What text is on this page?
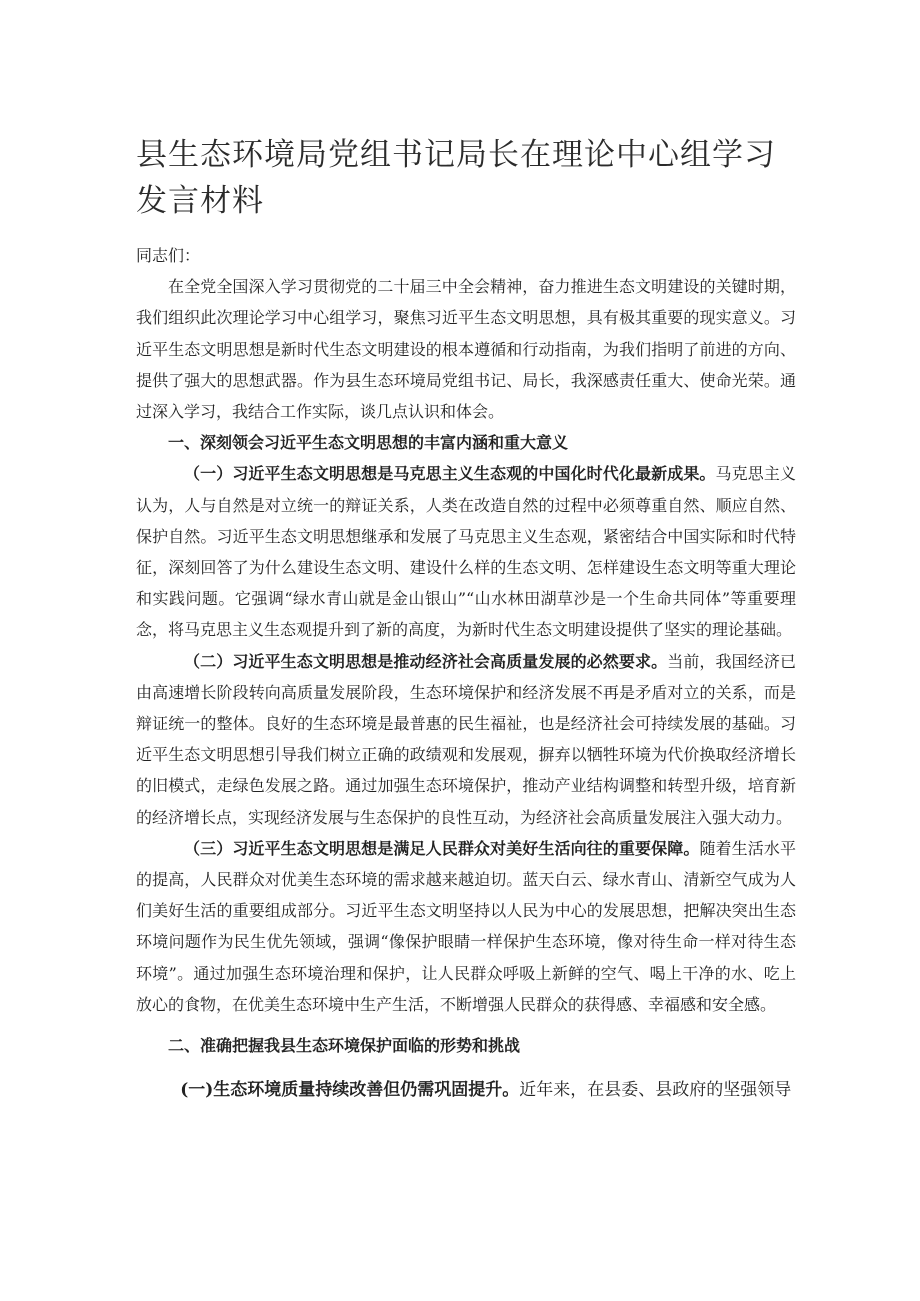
县生态环境局党组书记局长在理论中心组学习发言材料

同志们：

在全党全国深入学习贯彻党的二十届三中全会精神，奋力推进生态文明建设的关键时期，我们组织此次理论学习中心组学习，聚焦习近平生态文明思想，具有极其重要的现实意义。习近平生态文明思想是新时代生态文明建设的根本遵循和行动指南，为我们指明了前进的方向、提供了强大的思想武器。作为县生态环境局党组书记、局长，我深感责任重大、使命光荣。通过深入学习，我结合工作实际，谈几点认识和体会。

一、深刻领会习近平生态文明思想的丰富内涵和重大意义

（一）习近平生态文明思想是马克思主义生态观的中国化时代化最新成果。马克思主义认为，人与自然是对立统一的辩证关系，人类在改造自然的过程中必须尊重自然、顺应自然、保护自然。习近平生态文明思想继承和发展了马克思主义生态观，紧密结合中国实际和时代特征，深刻回答了为什么建设生态文明、建设什么样的生态文明、怎样建设生态文明等重大理论和实践问题。它强调“绿水青山就是金山银山”“山水林田湖草沙是一个生命共同体”等重要理念，将马克思主义生态观提升到了新的高度，为新时代生态文明建设提供了坚实的理论基础。

（二）习近平生态文明思想是推动经济社会高质量发展的必然要求。当前，我国经济已由高速增长阶段转向高质量发展阶段，生态环境保护和经济发展不再是矛盾对立的关系，而是辩证统一的整体。良好的生态环境是最普惠的民生福祉，也是经济社会可持续发展的基础。习近平生态文明思想引导我们树立正确的政绩观和发展观，摒弃以牺牲环境为代价换取经济增长的旧模式，走绿色发展之路。通过加强生态环境保护，推动产业结构调整和转型升级，培育新的经济增长点，实现经济发展与生态保护的良性互动，为经济社会高质量发展注入强大动力。

（三）习近平生态文明思想是满足人民群众对美好生活向往的重要保障。随着生活水平的提高，人民群众对优美生态环境的需求越来越迫切。蓝天白云、绿水青山、清新空气成为人们美好生活的重要组成部分。习近平生态文明坚持以人民为中心的发展思想，把解决突出生态环境问题作为民生优先领域，强调“像保护眼睛一样保护生态环境，像对待生命一样对待生态环境”。通过加强生态环境治理和保护，让人民群众呼吸上新鲜的空气、喝上干净的水、吃上放心的食物，在优美生态环境中生产生活，不断增强人民群众的获得感、幸福感和安全感。

二、准确把握我县生态环境保护面临的形势和挑战

(一)生态环境质量持续改善但仍需巩固提升。近年来，在县委、县政府的坚强领导
